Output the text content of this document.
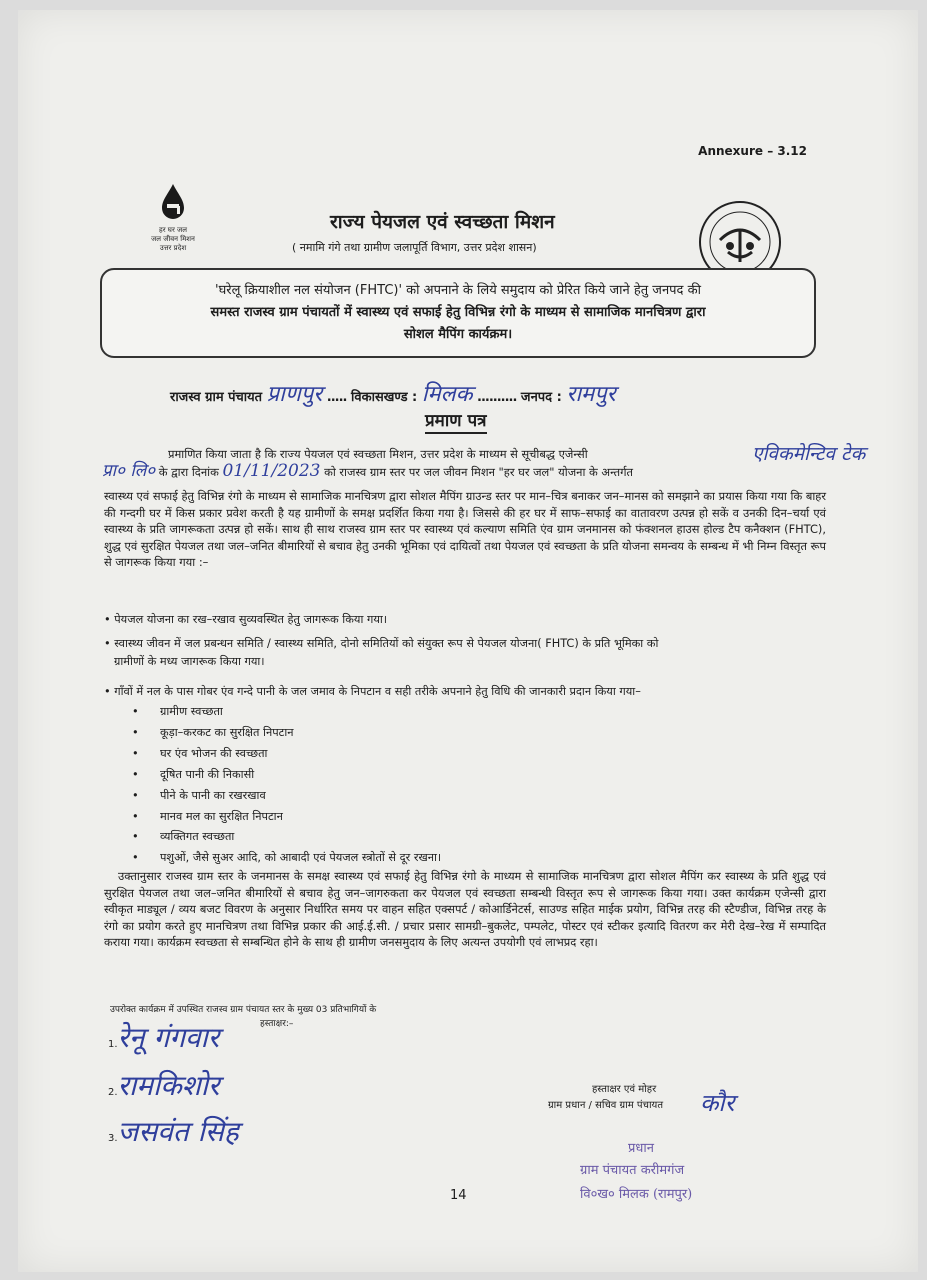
Annexure – 3.12
हर घर जल
जल जीवन मिशन
उत्तर प्रदेश
राज्य पेयजल एवं स्वच्छता मिशन
( नमामि गंगे तथा ग्रामीण जलापूर्ति विभाग, उत्तर प्रदेश शासन)
'घरेलू क्रियाशील नल संयोजन (FHTC)' को अपनाने के लिये समुदाय को प्रेरित किये जाने हेतु जनपद की
समस्त राजस्व ग्राम पंचायतों में स्वास्थ्य एवं सफाई हेतु विभिन्न रंगो के माध्यम से सामाजिक मानचित्रण द्वारा
सोशल मैपिंग कार्यक्रम।
राजस्व ग्राम पंचायत प्राणपुर ..... विकासखण्ड : मिलक .......... जनपद : रामपुर
प्रमाण पत्र
प्रमाणित किया जाता है कि राज्य पेयजल एवं स्वच्छता मिशन, उत्तर प्रदेश के माध्यम से सूचीबद्ध एजेन्सी
प्रा० लि० के द्वारा दिनांक 01/11/2023 को राजस्व ग्राम स्तर पर जल जीवन मिशन "हर घर जल" योजना के अन्तर्गत
एविकमेन्टिव टेक
स्वास्थ्य एवं सफाई हेतु विभिन्न रंगो के माध्यम से सामाजिक मानचित्रण द्वारा सोशल मैपिंग ग्राउन्ड स्तर पर मान–चित्र बनाकर जन–मानस को समझाने का प्रयास किया गया कि बाहर की गन्दगी घर में किस प्रकार प्रवेश करती है यह ग्रामीणों के समक्ष प्रदर्शित किया गया है। जिससे की हर घर में साफ–सफाई का वातावरण उत्पन्न हो सकें व उनकी दिन–चर्या एवं स्वास्थ्य के प्रति जागरूकता उत्पन्न हो सकें। साथ ही साथ राजस्व ग्राम स्तर पर स्वास्थ्य एवं कल्याण समिति एंव ग्राम जनमानस को फंक्शनल हाउस होल्ड टैप कनैक्शन (FHTC), शुद्ध एवं सुरक्षित पेयजल तथा जल–जनित बीमारियों से बचाव हेतु उनकी भूमिका एवं दायित्वों तथा पेयजल एवं स्वच्छता के प्रति योजना समन्वय के सम्बन्ध में भी निम्न विस्तृत रूप से जागरूक किया गया :–
• पेयजल योजना का रख–रखाव सुव्यवस्थित हेतु जागरूक किया गया।
• स्वास्थ्य जीवन में जल प्रबन्धन समिति / स्वास्थ्य समिति, दोनो समितियों को संयुक्त रूप से पेयजल योजना( FHTC) के प्रति भूमिका को
ग्रामीणों के मध्य जागरूक किया गया।
• गाँवों में नल के पास गोबर एंव गन्दे पानी के जल जमाव के निपटान व सही तरीके अपनाने हेतु विधि की जानकारी प्रदान किया गया–
• ग्रामीण स्वच्छता
• कूड़ा–करकट का सुरक्षित निपटान
• घर एंव भोजन की स्वच्छता
• दूषित पानी की निकासी
• पीने के पानी का रखरखाव
• मानव मल का सुरक्षित निपटान
• व्यक्तिगत स्वच्छता
• पशुओं, जैसे सुअर आदि, को आबादी एवं पेयजल स्त्रोतों से दूर रखना।
उक्तानुसार राजस्व ग्राम स्तर के जनमानस के समक्ष स्वास्थ्य एवं सफाई हेतु विभिन्न रंगो के माध्यम से सामाजिक मानचित्रण द्वारा सोशल मैपिंग कर स्वास्थ्य के प्रति शुद्ध एवं सुरक्षित पेयजल तथा जल–जनित बीमारियों से बचाव हेतु जन–जागरुकता कर पेयजल एवं स्वच्छता सम्बन्धी विस्तृत रूप से जागरूक किया गया। उक्त कार्यक्रम एजेन्सी द्वारा स्वीकृत माड्यूल / व्यय बजट विवरण के अनुसार निर्धारित समय पर वाहन सहित एक्सपर्ट / कोआर्डिनेटर्स, साउण्ड सहित माईक प्रयोग, विभिन्न तरह की स्टैण्डीज, विभिन्न तरह के रंगो का प्रयोग करते हुए मानचित्रण तथा विभिन्न प्रकार की आई.ई.सी. / प्रचार प्रसार सामग्री–बुकलेट, पम्पलेट, पोस्टर एवं स्टीकर इत्यादि वितरण कर मेरी देख–रेख में सम्पादित कराया गया। कार्यक्रम स्वच्छता से सम्बन्धित होने के साथ ही ग्रामीण जनसमुदाय के लिए अत्यन्त उपयोगी एवं लाभप्रद रहा।
उपरोक्त कार्यक्रम में उपस्थित राजस्व ग्राम पंचायत स्तर के मुख्य 03 प्रतिभागियों के
हस्ताक्षर:–
1.रेनू गंगवार
2.रामकिशोर
3.जसवंत सिंह
हस्ताक्षर एवं मोहर
ग्राम प्रधान / सचिव ग्राम पंचायत	कौर
प्रधान
ग्राम पंचायत करीमगंज
वि०ख० मिलक (रामपुर)
14
